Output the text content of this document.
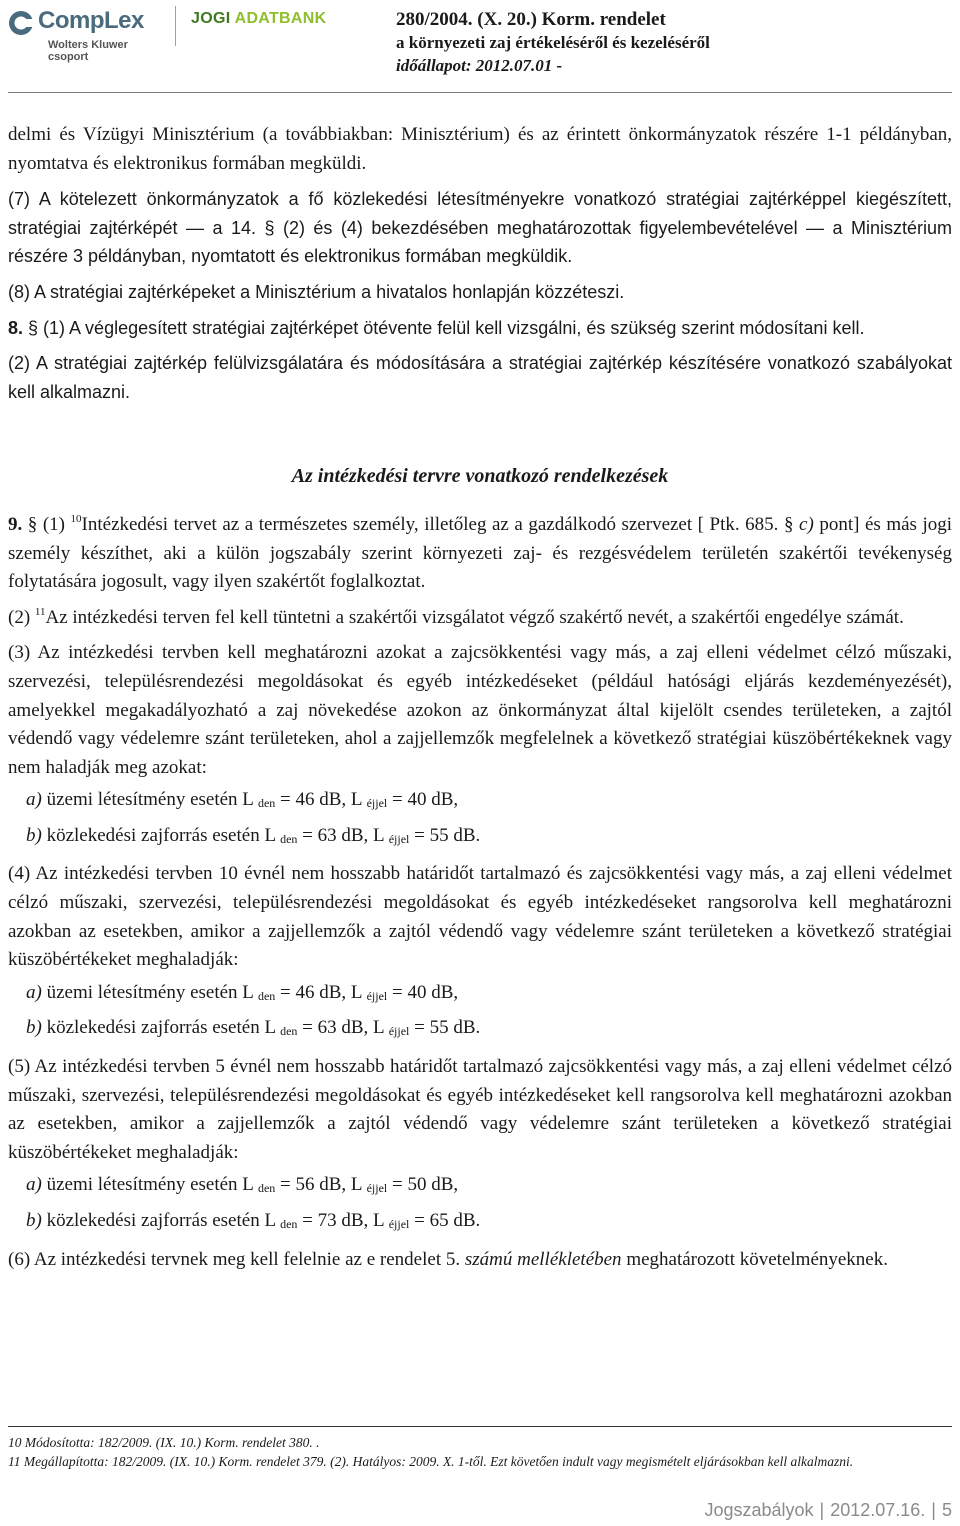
CompLex
Wolters Kluwer csoport
JOGI ADATBANK	280/2004. (X. 20.) Korm. rendelet
a környezeti zaj értékeléséről és kezeléséről
időállapot: 2012.07.01 -

delmi és Vízügyi Minisztérium (a továbbiakban: Minisztérium) és az érintett önkormányzatok részére 1-1 példányban, nyomtatva és elektronikus formában megküldi.

(7) A kötelezett önkormányzatok a fő közlekedési létesítményekre vonatkozó stratégiai zajtérképpel kiegészített, stratégiai zajtérképét — a 14. § (2) és (4) bekezdésében meghatározottak figyelembevételével — a Minisztérium részére 3 példányban, nyomtatott és elektronikus formában megküldik.

(8) A stratégiai zajtérképeket a Minisztérium a hivatalos honlapján közzéteszi.

8. § (1) A véglegesített stratégiai zajtérképet ötévente felül kell vizsgálni, és szükség szerint módosítani kell.

(2) A stratégiai zajtérkép felülvizsgálatára és módosítására a stratégiai zajtérkép készítésére vonatkozó szabályokat kell alkalmazni.

Az intézkedési tervre vonatkozó rendelkezések

9. § (1) $^{10}$Intézkedési tervet az a természetes személy, illetőleg az a gazdálkodó szervezet [ Ptk. 685. § c) pont] és más jogi személy készíthet, aki a külön jogszabály szerint környezeti zaj- és rezgésvédelem területén szakértői tevékenység folytatására jogosult, vagy ilyen szakértőt foglalkoztat.

(2) $^{11}$Az intézkedési terven fel kell tüntetni a szakértői vizsgálatot végző szakértő nevét, a szakértői engedélye számát.

(3) Az intézkedési tervben kell meghatározni azokat a zajcsökkentési vagy más, a zaj elleni védelmet célzó műszaki, szervezési, településrendezési megoldásokat és egyéb intézkedéseket (például hatósági eljárás kezdeményezését), amelyekkel megakadályozható a zaj növekedése azokon az önkormányzat által kijelölt csendes területeken, a zajtól védendő vagy védelemre szánt területeken, ahol a zajjellemzők megfelelnek a következő stratégiai küszöbértékeknek vagy nem haladják meg azokat:

a) üzemi létesítmény esetén L $_{den}$ = 46 dB, L $_{éjjel}$ = 40 dB,

b) közlekedési zajforrás esetén L $_{den}$ = 63 dB, L $_{éjjel}$ = 55 dB.

(4) Az intézkedési tervben 10 évnél nem hosszabb határidőt tartalmazó és zajcsökkentési vagy más, a zaj elleni védelmet célzó műszaki, szervezési, településrendezési megoldásokat és egyéb intézkedéseket rangsorolva kell meghatározni azokban az esetekben, amikor a zajjellemzők a zajtól védendő vagy védelemre szánt területeken a következő stratégiai küszöbértékeket meghaladják:

a) üzemi létesítmény esetén L $_{den}$ = 46 dB, L $_{éjjel}$ = 40 dB,

b) közlekedési zajforrás esetén L $_{den}$ = 63 dB, L $_{éjjel}$ = 55 dB.

(5) Az intézkedési tervben 5 évnél nem hosszabb határidőt tartalmazó zajcsökkentési vagy más, a zaj elleni védelmet célzó műszaki, szervezési, településrendezési megoldásokat és egyéb intézkedéseket kell rangsorolva kell meghatározni azokban az esetekben, amikor a zajjellemzők a zajtól védendő vagy védelemre szánt területeken a következő stratégiai küszöbértékeket meghaladják:

a) üzemi létesítmény esetén L $_{den}$ = 56 dB, L $_{éjjel}$ = 50 dB,

b) közlekedési zajforrás esetén L $_{den}$ = 73 dB, L $_{éjjel}$ = 65 dB.

(6) Az intézkedési tervnek meg kell felelnie az e rendelet 5. számú mellékletében meghatározott követelményeknek.

10 Módosította: 182/2009. (IX. 10.) Korm. rendelet 380. .

11 Megállapította: 182/2009. (IX. 10.) Korm. rendelet 379. (2). Hatályos: 2009. X. 1-től. Ezt követően indult vagy megismételt eljárásokban kell alkalmazni.

Jogszabályok | 2012.07.16. | 5
